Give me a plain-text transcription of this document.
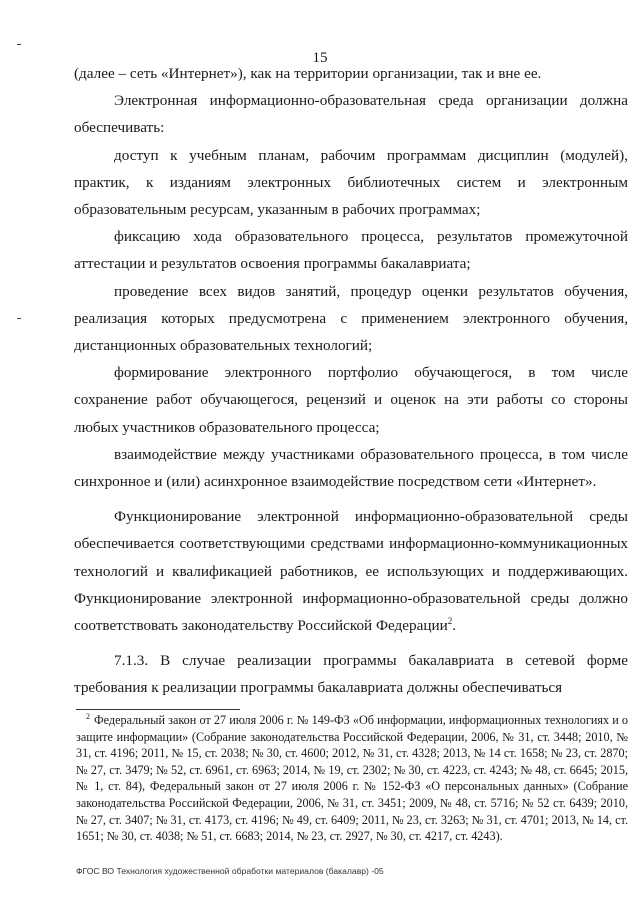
15

(далее – сеть «Интернет»), как на территории организации, так и вне ее.

Электронная информационно-образовательная среда организации должна обеспечивать:

доступ к учебным планам, рабочим программам дисциплин (модулей), практик, к изданиям электронных библиотечных систем и электронным образовательным ресурсам, указанным в рабочих программах;

фиксацию хода образовательного процесса, результатов промежуточной аттестации и результатов освоения программы бакалавриата;

проведение всех видов занятий, процедур оценки результатов обучения, реализация которых предусмотрена с применением электронного обучения, дистанционных образовательных технологий;

формирование электронного портфолио обучающегося, в том числе сохранение работ обучающегося, рецензий и оценок на эти работы со стороны любых участников образовательного процесса;

взаимодействие между участниками образовательного процесса, в том числе синхронное и (или) асинхронное взаимодействие посредством сети «Интернет».

Функционирование электронной информационно-образовательной среды обеспечивается соответствующими средствами информационно-коммуникационных технологий и квалификацией работников, ее использующих и поддерживающих. Функционирование электронной информационно-образовательной среды должно соответствовать законодательству Российской Федерации$^2$.

7.1.3. В случае реализации программы бакалавриата в сетевой форме требования к реализации программы бакалавриата должны обеспечиваться

$^2$ Федеральный закон от 27 июля 2006 г. № 149-ФЗ «Об информации, информационных технологиях и о защите информации» (Собрание законодательства Российской Федерации, 2006, № 31, ст. 3448; 2010, № 31, ст. 4196; 2011, № 15, ст. 2038; № 30, ст. 4600; 2012, № 31, ст. 4328; 2013, № 14 ст. 1658; № 23, ст. 2870; № 27, ст. 3479; № 52, ст. 6961, ст. 6963; 2014, № 19, ст. 2302; № 30, ст. 4223, ст. 4243; № 48, ст. 6645; 2015, № 1, ст. 84), Федеральный закон от 27 июля 2006 г. № 152-ФЗ «О персональных данных» (Собрание законодательства Российской Федерации, 2006, № 31, ст. 3451; 2009, № 48, ст. 5716; № 52 ст. 6439; 2010, № 27, ст. 3407; № 31, ст. 4173, ст. 4196; № 49, ст. 6409; 2011, № 23, ст. 3263; № 31, ст. 4701; 2013, № 14, ст. 1651; № 30, ст. 4038; № 51, ст. 6683; 2014, № 23, ст. 2927, № 30, ст. 4217, ст. 4243).
ФГОС ВО Технология художественной обработки материалов (бакалавр) -05
